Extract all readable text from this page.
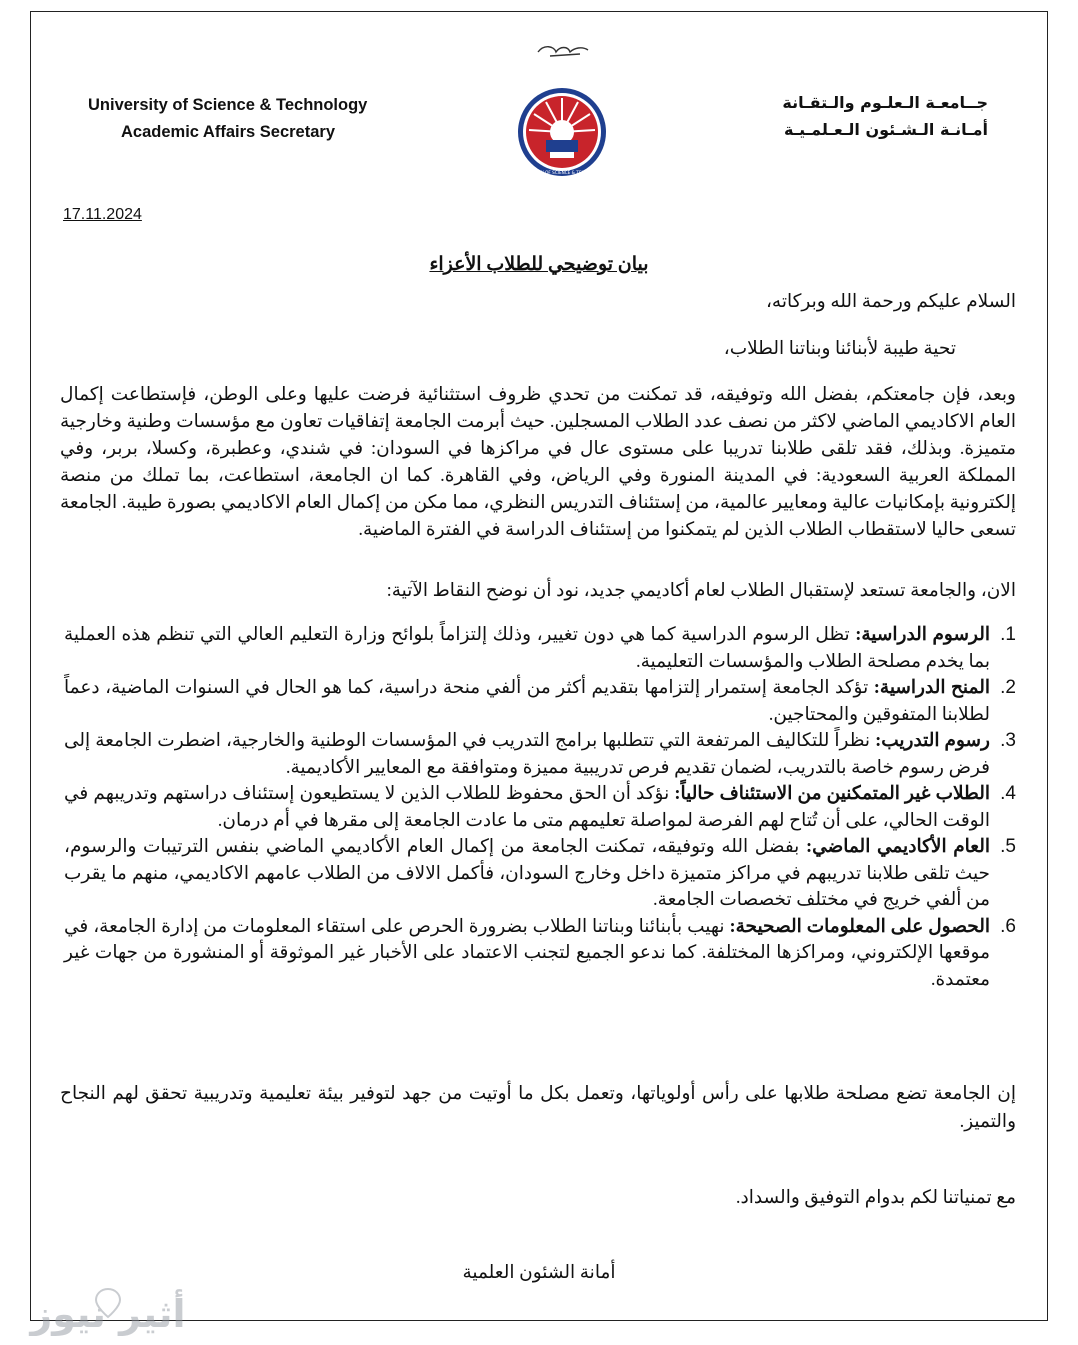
University of Science & Technology
Academic Affairs Secretary
جــامعـة الـعلـوم والـتقـانة
أمـانـة الـشـئون الـعـلمـيـة
UNIVERSITY OF SCIENCE & TECHNOLOGY
17.11.2024
بيان توضيحي للطلاب الأعزاء
السلام عليكم ورحمة الله وبركاته،
تحية طيبة لأبنائنا وبناتنا الطلاب،
وبعد، فإن جامعتكم، بفضل الله وتوفيقه، قد تمكنت من تحدي ظروف استثنائية فرضت عليها وعلى الوطن، فإستطاعت إكمال العام الاكاديمي الماضي لاكثر من نصف عدد الطلاب المسجلين. حيث أبرمت الجامعة إتفاقيات تعاون مع مؤسسات وطنية وخارجية متميزة. وبذلك، فقد تلقى طلابنا تدريبا على مستوى عال في مراكزها في السودان: في شندي، وعطبرة، وكسلا، بربر، وفي المملكة العربية السعودية: في المدينة المنورة وفي الرياض، وفي القاهرة. كما ان الجامعة، استطاعت، بما تملك من منصة إلكترونية بإمكانيات عالية ومعايير عالمية، من إستئناف التدريس النظري، مما مكن من إكمال العام الاكاديمي بصورة طيبة. الجامعة تسعى حاليا لاستقطاب الطلاب الذين لم يتمكنوا من إستئناف الدراسة في الفترة الماضية.
الان، والجامعة تستعد لإستقبال الطلاب لعام أكاديمي جديد، نود أن نوضح النقاط الآتية:
1.
الرسوم الدراسية: تظل الرسوم الدراسية كما هي دون تغيير، وذلك إلتزاماً بلوائح وزارة التعليم العالي التي تنظم هذه العملية بما يخدم مصلحة الطلاب والمؤسسات التعليمية.
2.
المنح الدراسية: تؤكد الجامعة إستمرار إلتزامها بتقديم أكثر من ألفي منحة دراسية، كما هو الحال في السنوات الماضية، دعماً لطلابنا المتفوقين والمحتاجين.
3.
رسوم التدريب: نظراً للتكاليف المرتفعة التي تتطلبها برامج التدريب في المؤسسات الوطنية والخارجية، اضطرت الجامعة إلى فرض رسوم خاصة بالتدريب، لضمان تقديم فرص تدريبية مميزة ومتوافقة مع المعايير الأكاديمية.
4.
الطلاب غير المتمكنين من الاستئناف حالياً: نؤكد أن الحق محفوظ للطلاب الذين لا يستطيعون إستئناف دراستهم وتدريبهم في الوقت الحالي، على أن تُتاح لهم الفرصة لمواصلة تعليمهم متى ما عادت الجامعة إلى مقرها في أم درمان.
5.
العام الأكاديمي الماضي: بفضل الله وتوفيقه، تمكنت الجامعة من إكمال العام الأكاديمي الماضي بنفس الترتيبات والرسوم، حيث تلقى طلابنا تدريبهم في مراكز متميزة داخل وخارج السودان، فأكمل الالاف من الطلاب عامهم الاكاديمي، منهم ما يقرب من ألفي خريج في مختلف تخصصات الجامعة.
6.
الحصول على المعلومات الصحيحة: نهيب بأبنائنا وبناتنا الطلاب بضرورة الحرص على استقاء المعلومات من إدارة الجامعة، في موقعها الإلكتروني، ومراكزها المختلفة. كما ندعو الجميع لتجنب الاعتماد على الأخبار غير الموثوقة أو المنشورة من جهات غير معتمدة.
إن الجامعة تضع مصلحة طلابها على رأس أولوياتها، وتعمل بكل ما أوتيت من جهد لتوفير بيئة تعليمية وتدريبية تحقق لهم النجاح والتميز.
مع تمنياتنا لكم بدوام التوفيق والسداد.
أمانة الشئون العلمية
أثير نيوز
